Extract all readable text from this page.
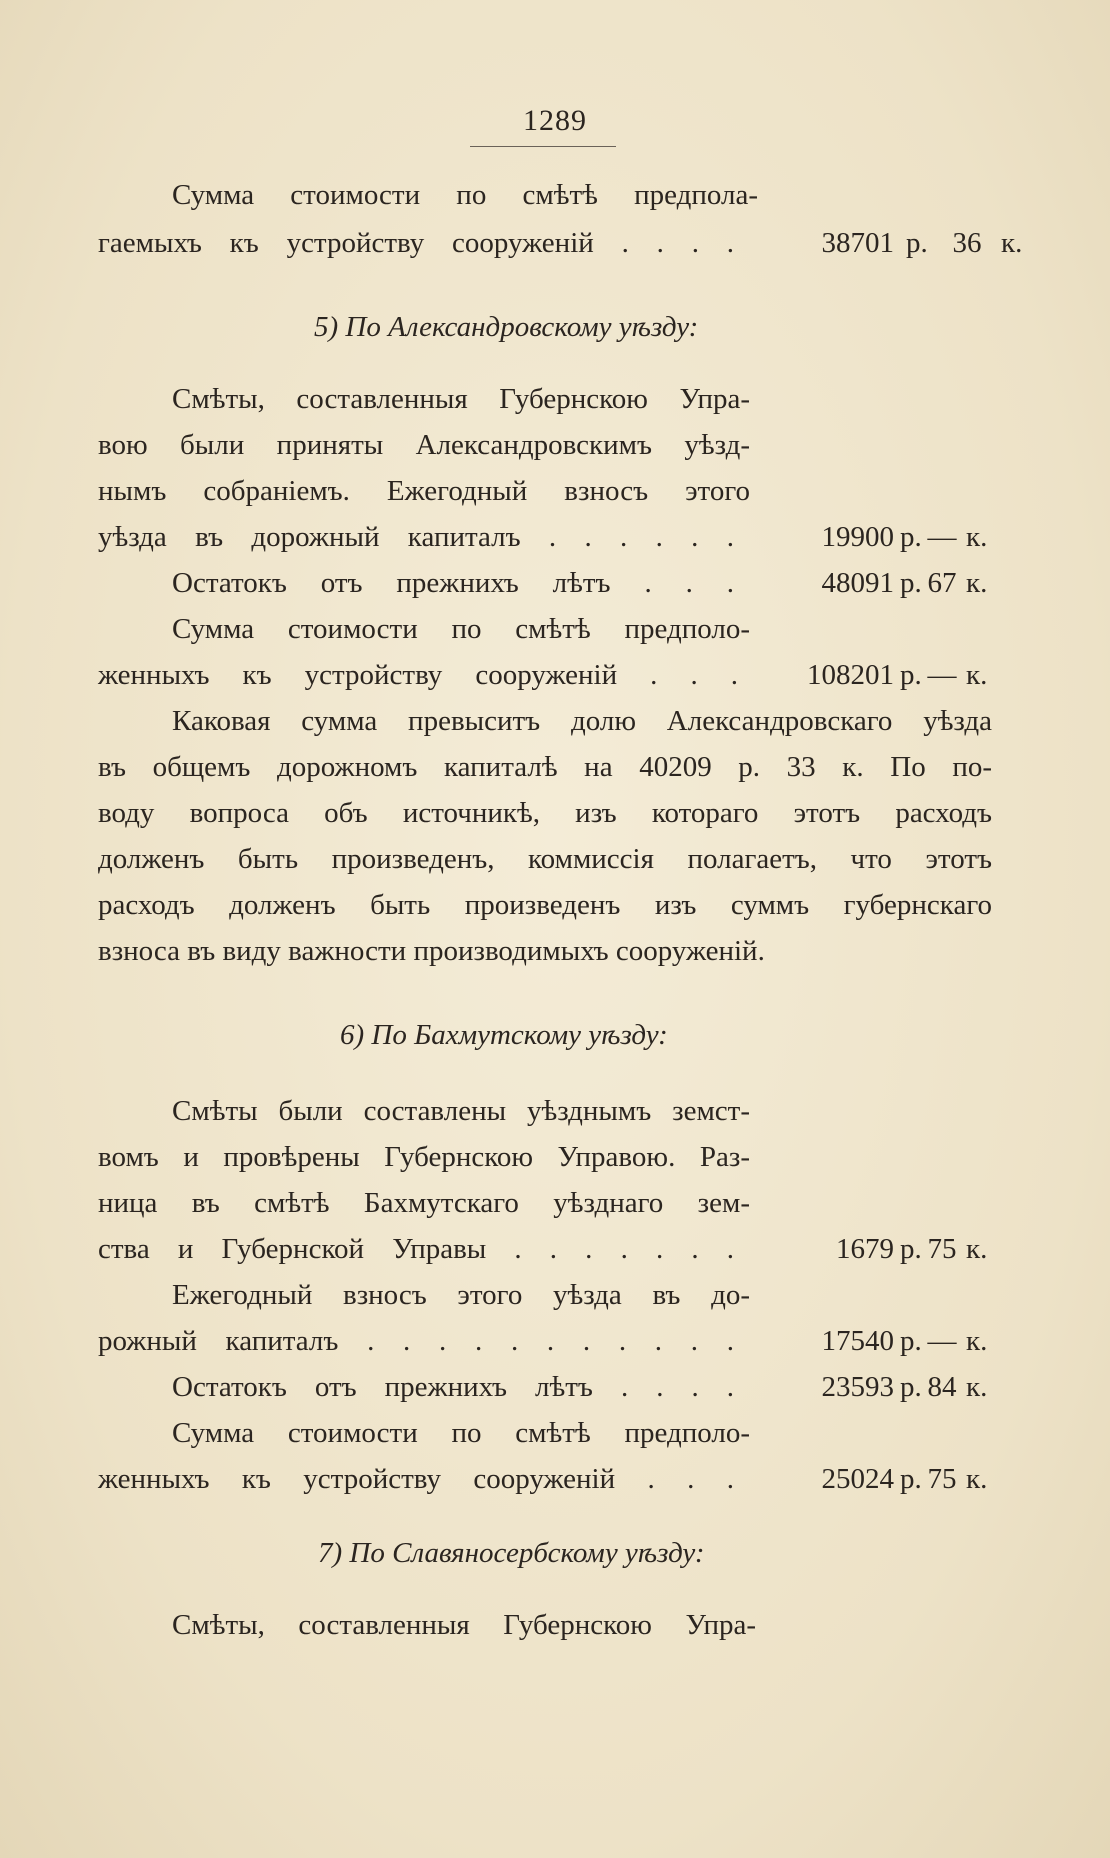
1289
Сумма стоимости по смѣтѣ предпола-
гаемыхъ къ устройству сооруженій . . . .	38701 р. 36 к.
5) По Александровскому уѣзду:
Смѣты, составленныя Губернскою Упра-
вою были приняты Александровскимъ уѣзд-
нымъ собраніемъ. Ежегодный взносъ этого
уѣзда въ дорожный капиталъ . . . . . .	19900 р. — к.
Остатокъ отъ прежнихъ лѣтъ . . .	48091 р. 67 к.
Сумма стоимости по смѣтѣ предполо-
женныхъ къ устройству сооруженій . . . 108201 р. — к.
Каковая сумма превыситъ долю Александровскаго уѣзда
въ общемъ дорожномъ капиталѣ на 40209 р. 33 к. По по-
воду вопроса объ источникѣ, изъ котораго этотъ расходъ
долженъ быть произведенъ, коммиссія полагаетъ, что этотъ
расходъ долженъ быть произведенъ изъ суммъ губернскаго
взноса въ виду важности производимыхъ сооруженій.
6) По Бахмутскому уѣзду:
Смѣты были составлены уѣзднымъ земст-
вомъ и провѣрены Губернскою Управою. Раз-
ница въ смѣтѣ Бахмутскаго уѣзднаго зем-
ства и Губернской Управы . . . . . . .	1679 р. 75 к.
Ежегодный взносъ этого уѣзда въ до-
рожный капиталъ . . . . . . . . . . .	17540 р. — к.
Остатокъ отъ прежнихъ лѣтъ . . . .	23593 р. 84 к.
Сумма стоимости по смѣтѣ предполо-
женныхъ къ устройству сооруженій . . .	25024 р. 75 к.
7) По Славяносербскому уѣзду:
Смѣты, составленныя Губернскою Упра-
